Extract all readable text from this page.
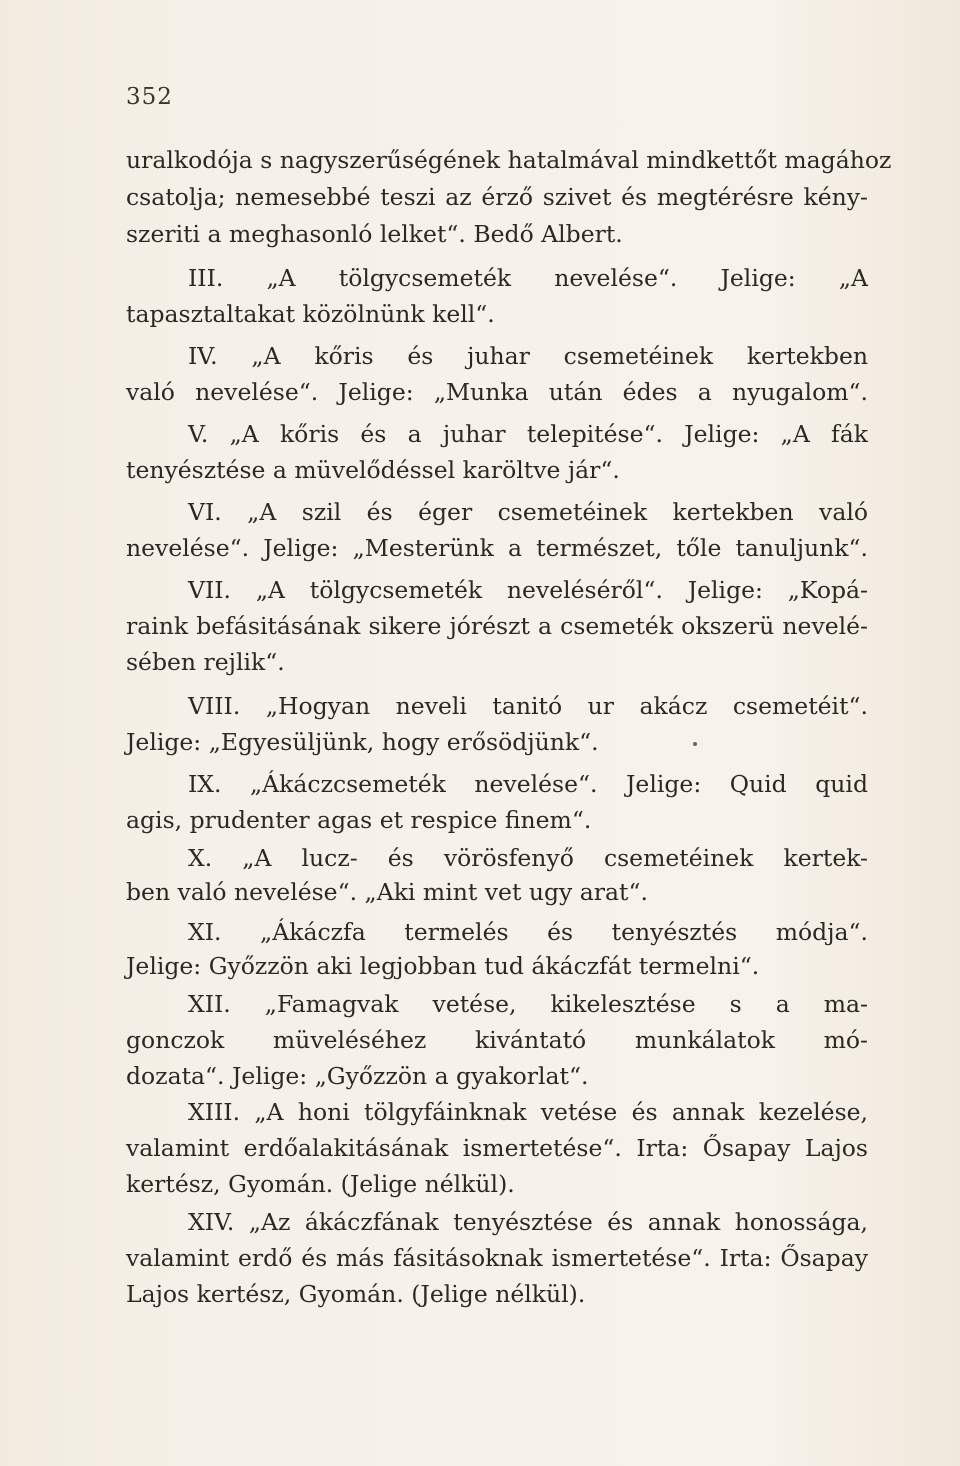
352
uralkodója s nagyszerűségének hatalmával mindkettőt magához
csatolja; nemesebbé teszi az érző szivet és megtérésre kény-
szeriti a meghasonló lelket“. Bedő Albert.
III. „A tölgycsemeték nevelése“. Jelige: „A
tapasztaltakat közölnünk kell“.
IV. „A kőris és juhar csemetéinek kertekben
való nevelése“. Jelige: „Munka után édes a nyugalom“.
V. „A kőris és a juhar telepitése“. Jelige: „A fák
tenyésztése a müvelődéssel karöltve jár“.
VI. „A szil és éger csemetéinek kertekben való
nevelése“. Jelige: „Mesterünk a természet, tőle tanuljunk“.
VII. „A tölgycsemeték neveléséről“. Jelige: „Kopá-
raink befásitásának sikere jórészt a csemeték okszerü nevelé-
sében rejlik“.
VIII. „Hogyan neveli tanitó ur akácz csemetéit“.
Jelige: „Egyesüljünk, hogy erősödjünk“.
IX. „Ákáczcsemeték nevelése“. Jelige: Quid quid
agis, prudenter agas et respice finem“.
X. „A lucz- és vörösfenyő csemetéinek kertek-
ben való nevelése“. „Aki mint vet ugy arat“.
XI. „Ákáczfa termelés és tenyésztés módja“.
Jelige: Győzzön aki legjobban tud ákáczfát termelni“.
XII. „Famagvak vetése, kikelesztése s a ma-
gonczok müveléséhez kivántató munkálatok mó-
dozata“. Jelige: „Győzzön a gyakorlat“.
XIII. „A honi tölgyfáinknak vetése és annak kezelése,
valamint erdőalakitásának ismertetése“. Irta: Ősapay Lajos
kertész, Gyomán. (Jelige nélkül).
XIV. „Az ákáczfának tenyésztése és annak honossága,
valamint erdő és más fásitásoknak ismertetése“. Irta: Ősapay
Lajos kertész, Gyomán. (Jelige nélkül).
